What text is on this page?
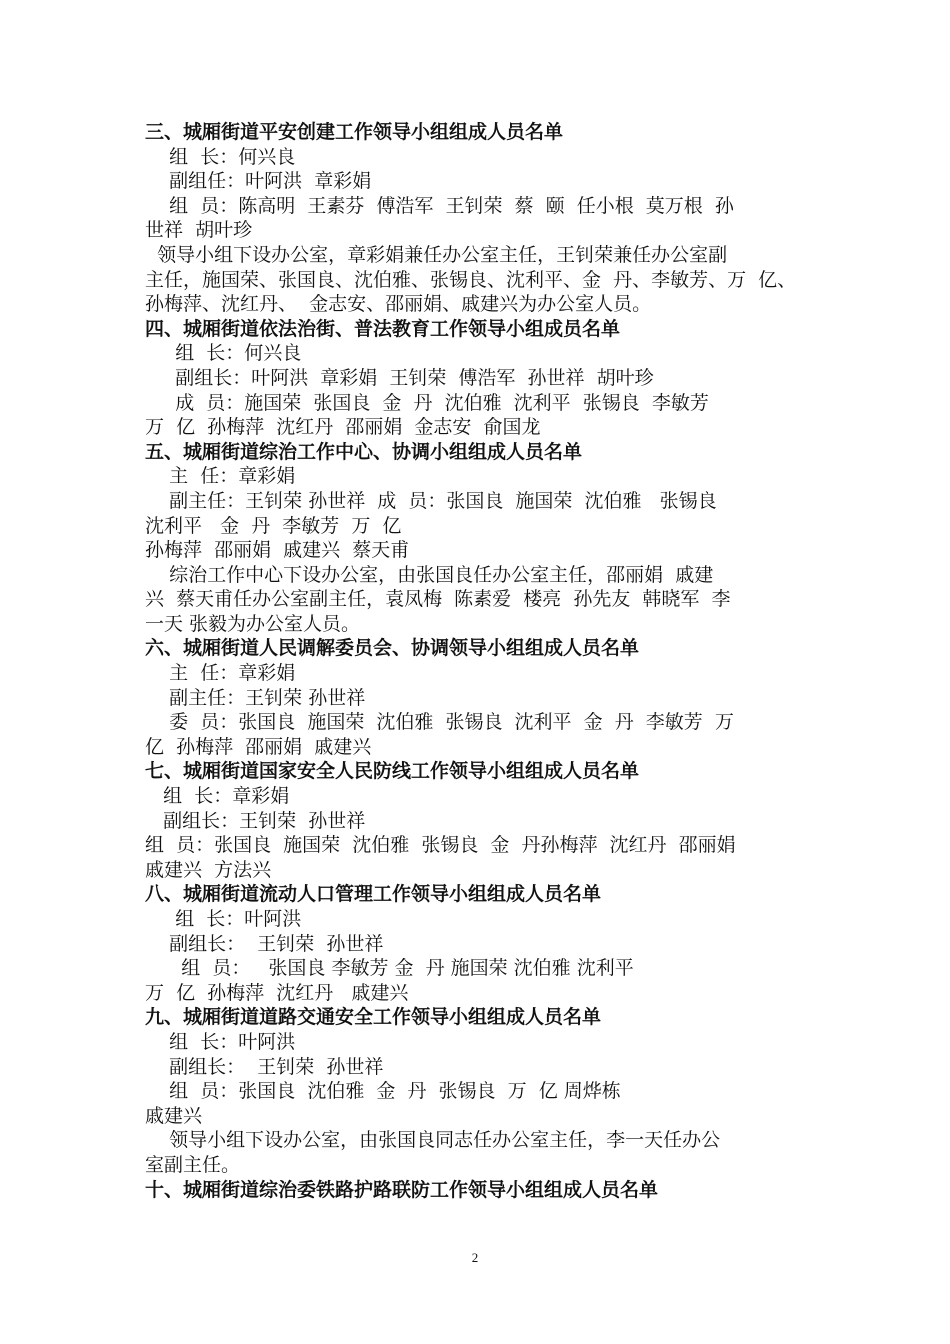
三、城厢街道平安创建工作领导小组组成人员名单
组  长：何兴良
副组任：叶阿洪  章彩娟
组  员：陈高明  王素芬  傅浩军  王钊荣  蔡  颐  任小根  莫万根  孙
世祥  胡叶珍
领导小组下设办公室，章彩娟兼任办公室主任，王钊荣兼任办公室副
主任，施国荣、张国良、沈伯雅、张锡良、沈利平、金  丹、李敏芳、万  亿、
孙梅萍、沈红丹、  金志安、邵丽娟、戚建兴为办公室人员。
四、城厢街道依法治街、普法教育工作领导小组成员名单
组  长：何兴良
副组长：叶阿洪  章彩娟  王钊荣  傅浩军  孙世祥  胡叶珍
成  员：施国荣  张国良  金  丹  沈伯雅  沈利平  张锡良  李敏芳
万  亿  孙梅萍  沈红丹  邵丽娟  金志安  俞国龙
五、城厢街道综治工作中心、协调小组组成人员名单
主  任：章彩娟
副主任：王钊荣 孙世祥  成  员：张国良  施国荣  沈伯雅   张锡良
沈利平   金  丹  李敏芳  万  亿
孙梅萍  邵丽娟  戚建兴  蔡天甫
综治工作中心下设办公室，由张国良任办公室主任，邵丽娟  戚建
兴  蔡天甫任办公室副主任，袁凤梅  陈素爱  楼亮  孙先友  韩晓军  李
一天 张毅为办公室人员。
六、城厢街道人民调解委员会、协调领导小组组成人员名单
主  任：章彩娟
副主任：王钊荣 孙世祥
委  员：张国良  施国荣  沈伯雅  张锡良  沈利平  金  丹  李敏芳  万
亿  孙梅萍  邵丽娟  戚建兴
七、城厢街道国家安全人民防线工作领导小组组成人员名单
组  长：章彩娟
副组长：王钊荣  孙世祥
组  员：张国良  施国荣  沈伯雅  张锡良  金  丹孙梅萍  沈红丹  邵丽娟
戚建兴  方法兴
八、城厢街道流动人口管理工作领导小组组成人员名单
组  长：叶阿洪
副组长：  王钊荣  孙世祥
组  员：   张国良 李敏芳 金  丹 施国荣 沈伯雅 沈利平
万  亿  孙梅萍  沈红丹   戚建兴
九、城厢街道道路交通安全工作领导小组组成人员名单
组  长：叶阿洪
副组长：  王钊荣  孙世祥
组  员：张国良  沈伯雅  金  丹  张锡良  万  亿 周烨栋
戚建兴
领导小组下设办公室，由张国良同志任办公室主任，李一天任办公
室副主任。
十、城厢街道综治委铁路护路联防工作领导小组组成人员名单
2
